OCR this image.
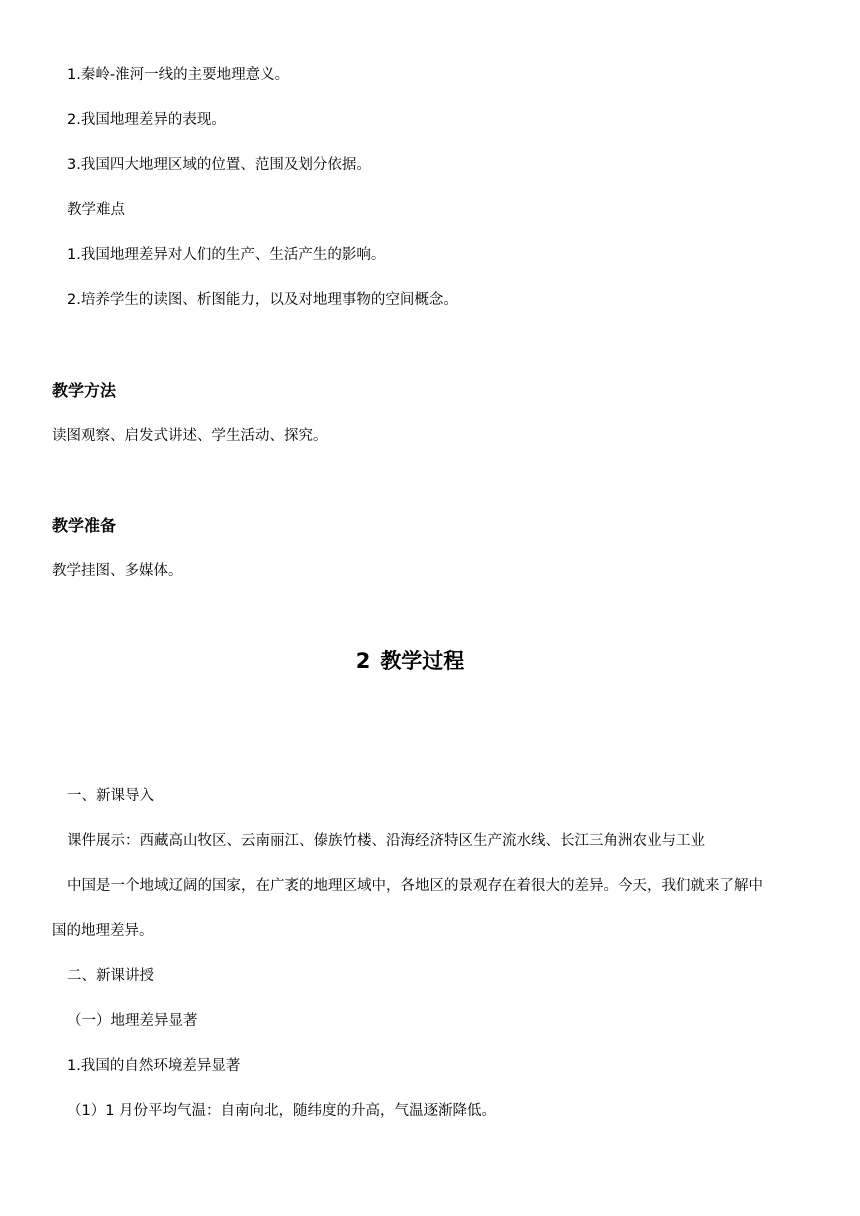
1.秦岭-淮河一线的主要地理意义。
2.我国地理差异的表现。
3.我国四大地理区域的位置、范围及划分依据。
教学难点
1.我国地理差异对人们的生产、生活产生的影响。
2.培养学生的读图、析图能力，以及对地理事物的空间概念。
教学方法
读图观察、启发式讲述、学生活动、探究。
教学准备
教学挂图、多媒体。
2 教学过程
一、新课导入
课件展示：西藏高山牧区、云南丽江、傣族竹楼、沿海经济特区生产流水线、长江三角洲农业与工业
中国是一个地域辽阔的国家，在广袤的地理区域中，各地区的景观存在着很大的差异。今天，我们就来了解中
国的地理差异。
二、新课讲授
（一）地理差异显著
1.我国的自然环境差异显著
（1）1 月份平均气温：自南向北，随纬度的升高，气温逐渐降低。
